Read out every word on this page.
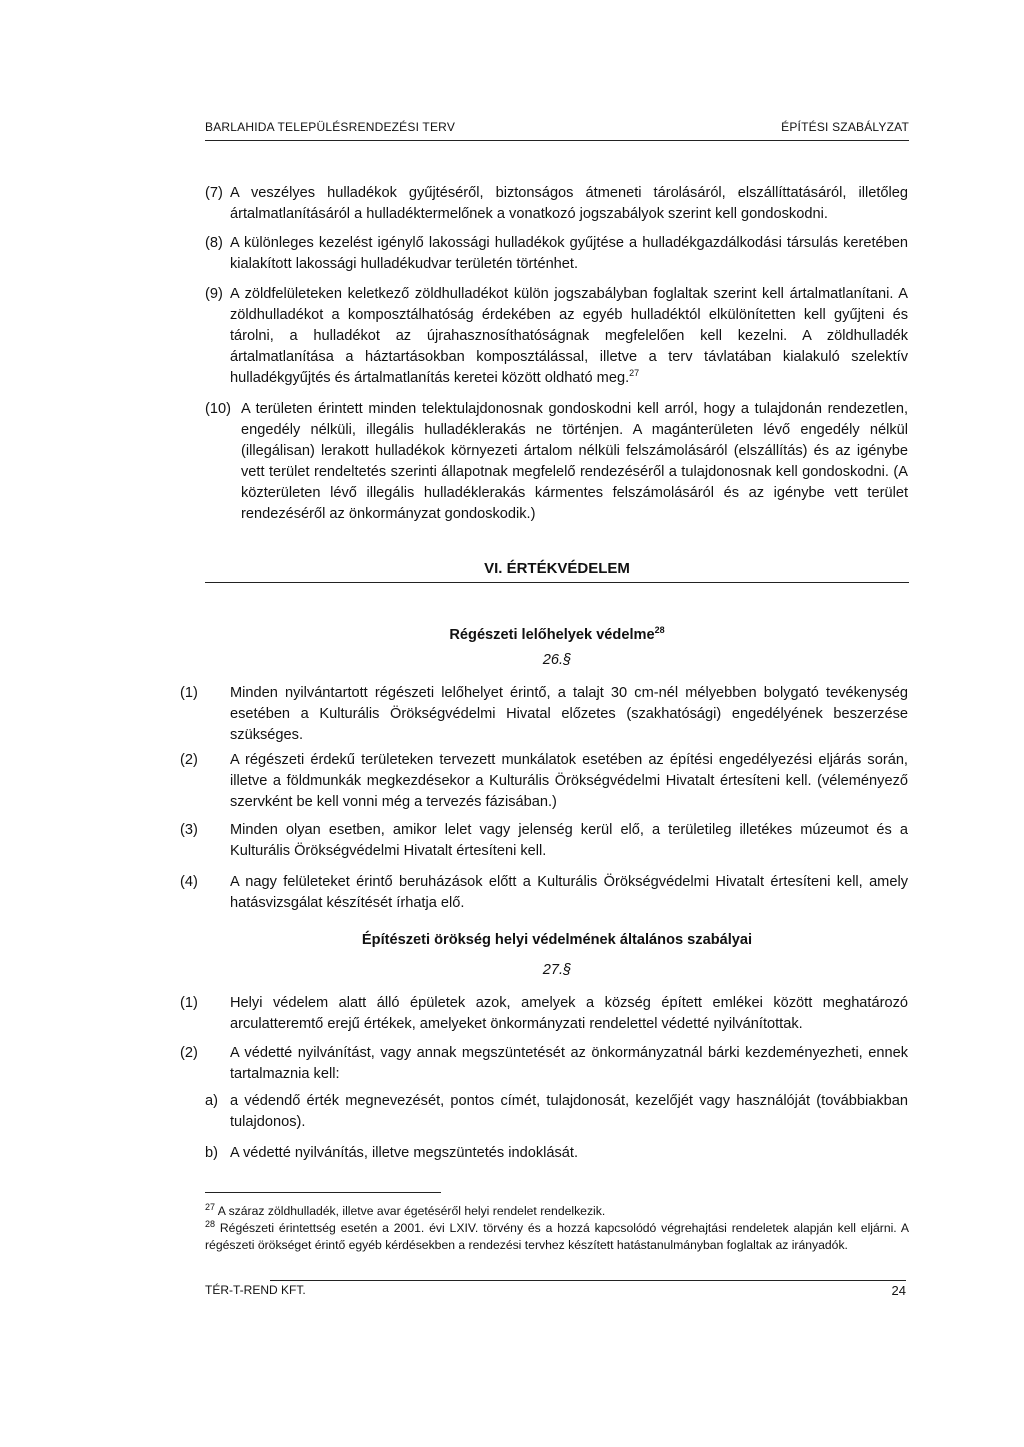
BARLAHIDA TELEPÜLÉSRENDEZÉSI TERV	ÉPÍTÉSI SZABÁLYZAT
(7) A veszélyes hulladékok gyűjtéséről, biztonságos átmeneti tárolásáról, elszállíttatásáról, illetőleg ártalmatlanításáról a hulladéktermelőnek a vonatkozó jogszabályok szerint kell gondoskodni.
(8) A különleges kezelést igénylő lakossági hulladékok gyűjtése a hulladékgazdálkodási társulás keretében kialakított lakossági hulladékudvar területén történhet.
(9) A zöldfelületeken keletkező zöldhulladékot külön jogszabályban foglaltak szerint kell ártalmatlanítani. A zöldhulladékot a komposztálhatóság érdekében az egyéb hulladéktól elkülönítetten kell gyűjteni és tárolni, a hulladékot az újrahasznosíthatóságnak megfelelően kell kezelni. A zöldhulladék ártalmatlanítása a háztartásokban komposztálással, illetve a terv távlatában kialakuló szelektív hulladékgyűjtés és ártalmatlanítás keretei között oldható meg.$^{27}$
(10) A területen érintett minden telektulajdonosnak gondoskodni kell arról, hogy a tulajdonán rendezetlen, engedély nélküli, illegális hulladéklerakás ne történjen. A magánterületen lévő engedély nélkül (illegálisan) lerakott hulladékok környezeti ártalom nélküli felszámolásáról (elszállítás) és az igénybe vett terület rendeltetés szerinti állapotnak megfelelő rendezéséről a tulajdonosnak kell gondoskodni. (A közterületen lévő illegális hulladéklerakás kármentes felszámolásáról és az igénybe vett terület rendezéséről az önkormányzat gondoskodik.)
VI. ÉRTÉKVÉDELEM
Régészeti lelőhelyek védelme$^{28}$
26.§
(1) Minden nyilvántartott régészeti lelőhelyet érintő, a talajt 30 cm-nél mélyebben bolygató tevékenység esetében a Kulturális Örökségvédelmi Hivatal előzetes (szakhatósági) engedélyének beszerzése szükséges.
(2) A régészeti érdekű területeken tervezett munkálatok esetében az építési engedélyezési eljárás során, illetve a földmunkák megkezdésekor a Kulturális Örökségvédelmi Hivatalt értesíteni kell. (véleményező szervként be kell vonni még a tervezés fázisában.)
(3) Minden olyan esetben, amikor lelet vagy jelenség kerül elő, a területileg illetékes múzeumot és a Kulturális Örökségvédelmi Hivatalt értesíteni kell.
(4) A nagy felületeket érintő beruházások előtt a Kulturális Örökségvédelmi Hivatalt értesíteni kell, amely hatásvizsgálat készítését írhatja elő.
Építészeti örökség helyi védelmének általános szabályai
27.§
(1) Helyi védelem alatt álló épületek azok, amelyek a község épített emlékei között meghatározó arculatteremtő erejű értékek, amelyeket önkormányzati rendelettel védetté nyilvánítottak.
(2) A védetté nyilvánítást, vagy annak megszüntetését az önkormányzatnál bárki kezdeményezheti, ennek tartalmaznia kell:
a) a védendő érték megnevezését, pontos címét, tulajdonosát, kezelőjét vagy használóját (továbbiakban tulajdonos).
b) A védetté nyilvánítás, illetve megszüntetés indoklását.
$^{27}$ A száraz zöldhulladék, illetve avar égetéséről helyi rendelet rendelkezik.
$^{28}$ Régészeti érintettség esetén a 2001. évi LXIV. törvény és a hozzá kapcsolódó végrehajtási rendeletek alapján kell eljárni. A régészeti örökséget érintő egyéb kérdésekben a rendezési tervhez készített hatástanulmányban foglaltak az irányadók.
TÉR-T-REND KFT.	24
